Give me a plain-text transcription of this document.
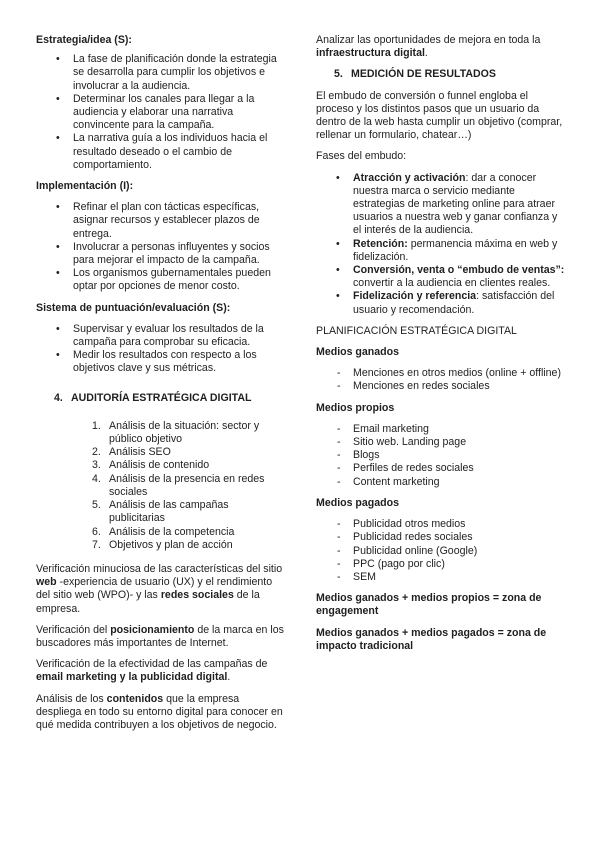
Estrategia/idea (S):
• La fase de planificación donde la estrategia se desarrolla para cumplir los objetivos e involucrar a la audiencia.
• Determinar los canales para llegar a la audiencia y elaborar una narrativa convincente para la campaña.
• La narrativa guía a los individuos hacia el resultado deseado o el cambio de comportamiento.
Implementación (I):
• Refinar el plan con tácticas específicas, asignar recursos y establecer plazos de entrega.
• Involucrar a personas influyentes y socios para mejorar el impacto de la campaña.
• Los organismos gubernamentales pueden optar por opciones de menor costo.
Sistema de puntuación/evaluación (S):
• Supervisar y evaluar los resultados de la campaña para comprobar su eficacia.
• Medir los resultados con respecto a los objetivos clave y sus métricas.
4. AUDITORÍA ESTRATÉGICA DIGITAL
1. Análisis de la situación: sector y público objetivo
2. Análisis SEO
3. Análisis de contenido
4. Análisis de la presencia en redes sociales
5. Análisis de las campañas publicitarias
6. Análisis de la competencia
7. Objetivos y plan de acción

Verificación minuciosa de las características del sitio web -experiencia de usuario (UX) y el rendimiento del sitio web (WPO)- y las redes sociales de la empresa.

Verificación del posicionamiento de la marca en los buscadores más importantes de Internet.

Verificación de la efectividad de las campañas de email marketing y la publicidad digital.

Análisis de los contenidos que la empresa despliega en todo su entorno digital para conocer en qué medida contribuyen a los objetivos de negocio.

Analizar las oportunidades de mejora en toda la infraestructura digital.

5. MEDICIÓN DE RESULTADOS

El embudo de conversión o funnel engloba el proceso y los distintos pasos que un usuario da dentro de la web hasta cumplir un objetivo (comprar, rellenar un formulario, chatear…)

Fases del embudo:

• Atracción y activación: dar a conocer nuestra marca o servicio mediante estrategias de marketing online para atraer usuarios a nuestra web y ganar confianza y el interés de la audiencia.
• Retención: permanencia máxima en web y fidelización.
• Conversión, venta o “embudo de ventas”: convertir a la audiencia en clientes reales.
• Fidelización y referencia: satisfacción del usuario y recomendación.

PLANIFICACIÓN ESTRATÉGICA DIGITAL

Medios ganados
- Menciones en otros medios (online + offline)
- Menciones en redes sociales
Medios propios
- Email marketing
- Sitio web. Landing page
- Blogs
- Perfiles de redes sociales
- Content marketing
Medios pagados
- Publicidad otros medios
- Publicidad redes sociales
- Publicidad online (Google)
- PPC (pago por clic)
- SEM
Medios ganados + medios propios = zona de engagement
Medios ganados + medios pagados = zona de impacto tradicional
